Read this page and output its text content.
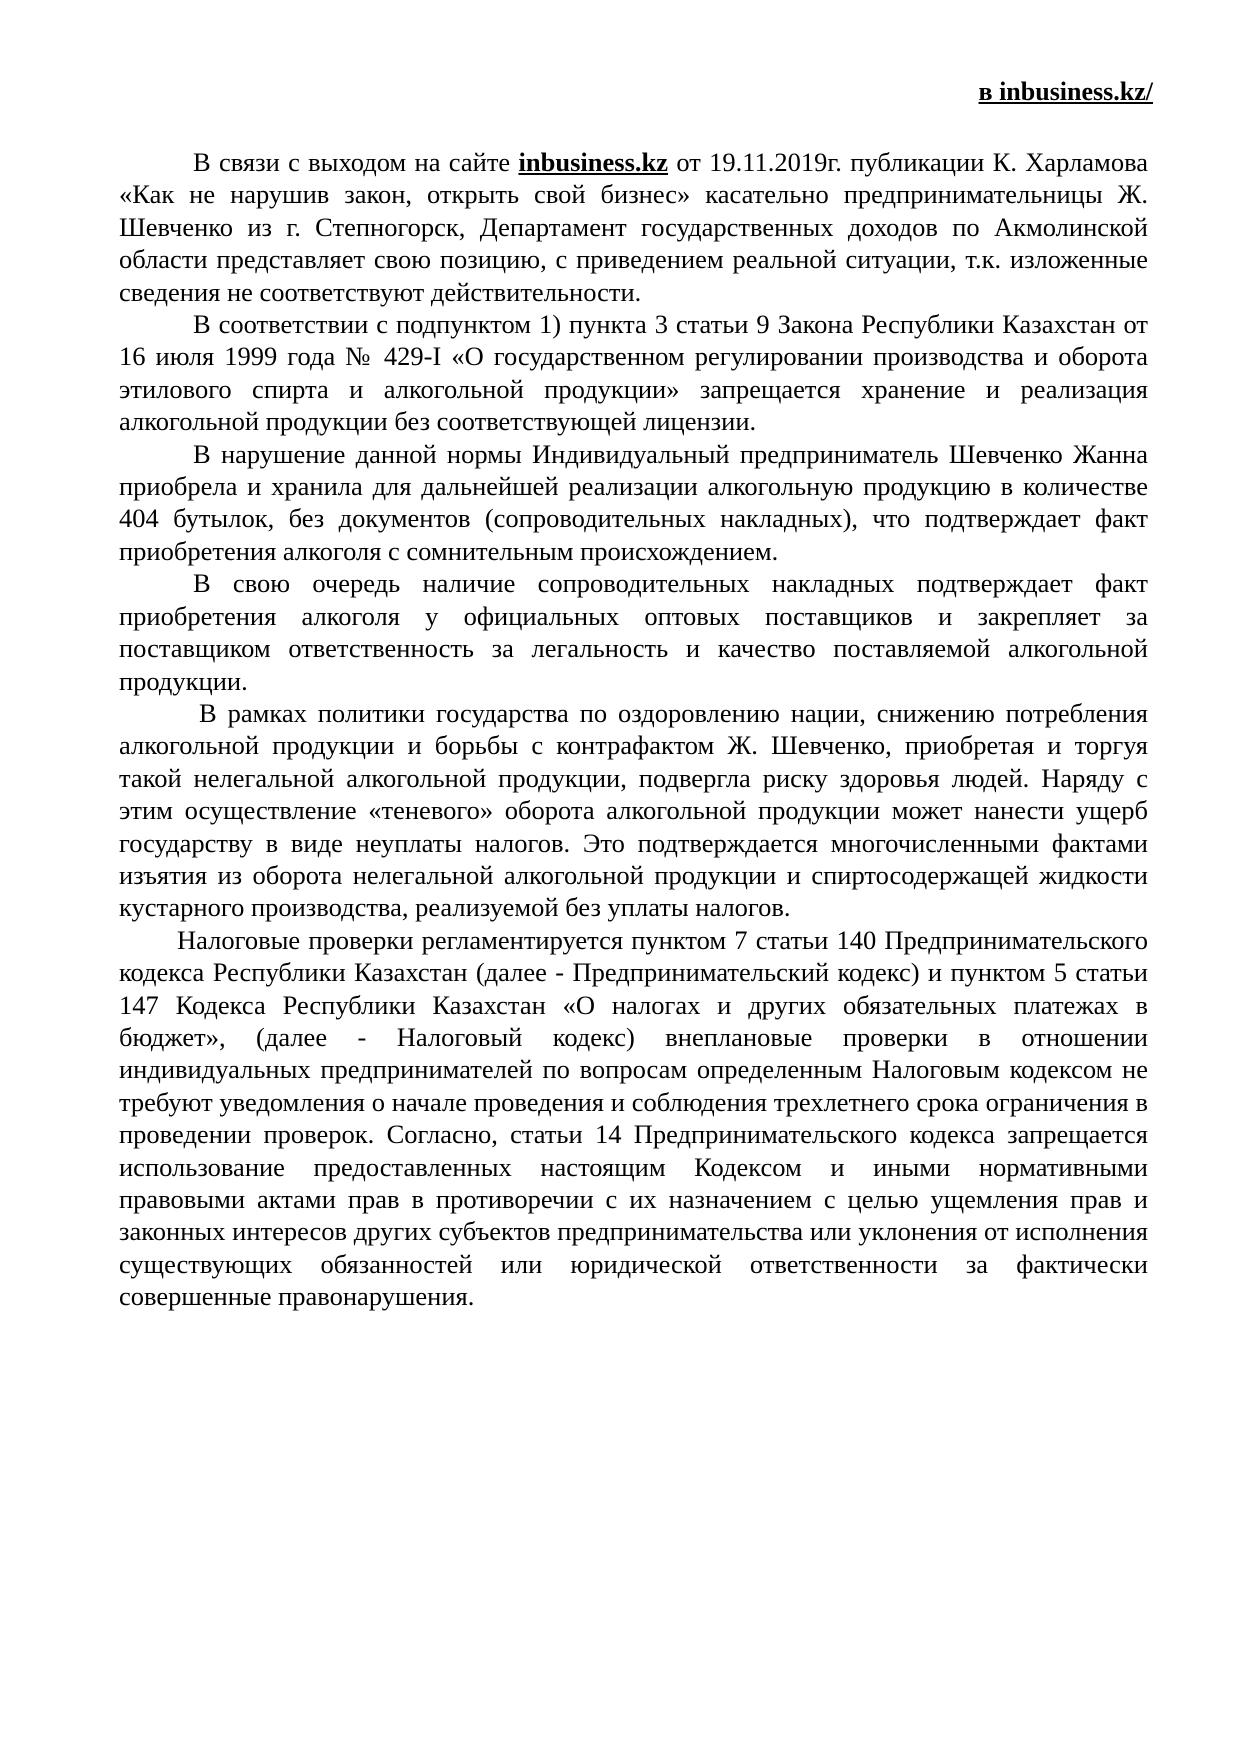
в inbusiness.kz/

В связи с выходом на сайте inbusiness.kz от 19.11.2019г. публикации К. Харламова «Как не нарушив закон, открыть свой бизнес» касательно предпринимательницы Ж. Шевченко из г. Степногорск, Департамент государственных доходов по Акмолинской области представляет свою позицию, с приведением реальной ситуации, т.к. изложенные сведения не соответствуют действительности.

В соответствии с подпунктом 1) пункта 3 статьи 9 Закона Республики Казахстан от 16 июля 1999 года № 429-I «О государственном регулировании производства и оборота этилового спирта и алкогольной продукции» запрещается хранение и реализация алкогольной продукции без соответствующей лицензии.

В нарушение данной нормы Индивидуальный предприниматель Шевченко Жанна приобрела и хранила для дальнейшей реализации алкогольную продукцию в количестве 404 бутылок, без документов (сопроводительных накладных), что подтверждает факт приобретения алкоголя с сомнительным происхождением.

В свою очередь наличие сопроводительных накладных подтверждает факт приобретения алкоголя у официальных оптовых поставщиков и закрепляет за поставщиком ответственность за легальность и качество поставляемой алкогольной продукции.

В рамках политики государства по оздоровлению нации, снижению потребления алкогольной продукции и борьбы с контрафактом Ж. Шевченко, приобретая и торгуя такой нелегальной алкогольной продукции, подвергла риску здоровья людей. Наряду с этим осуществление «теневого» оборота алкогольной продукции может нанести ущерб государству в виде неуплаты налогов. Это подтверждается многочисленными фактами изъятия из оборота нелегальной алкогольной продукции и спиртосодержащей жидкости кустарного производства, реализуемой без уплаты налогов.

Налоговые проверки регламентируется пунктом 7 статьи 140 Предпринимательского кодекса Республики Казахстан (далее - Предпринимательский кодекс) и пунктом 5 статьи 147 Кодекса Республики Казахстан «О налогах и других обязательных платежах в бюджет», (далее - Налоговый кодекс) внеплановые проверки в отношении индивидуальных предпринимателей по вопросам определенным Налоговым кодексом не требуют уведомления о начале проведения и соблюдения трехлетнего срока ограничения в проведении проверок. Согласно, статьи 14 Предпринимательского кодекса запрещается использование предоставленных настоящим Кодексом и иными нормативными правовыми актами прав в противоречии с их назначением с целью ущемления прав и законных интересов других субъектов предпринимательства или уклонения от исполнения существующих обязанностей или юридической ответственности за фактически совершенные правонарушения.
